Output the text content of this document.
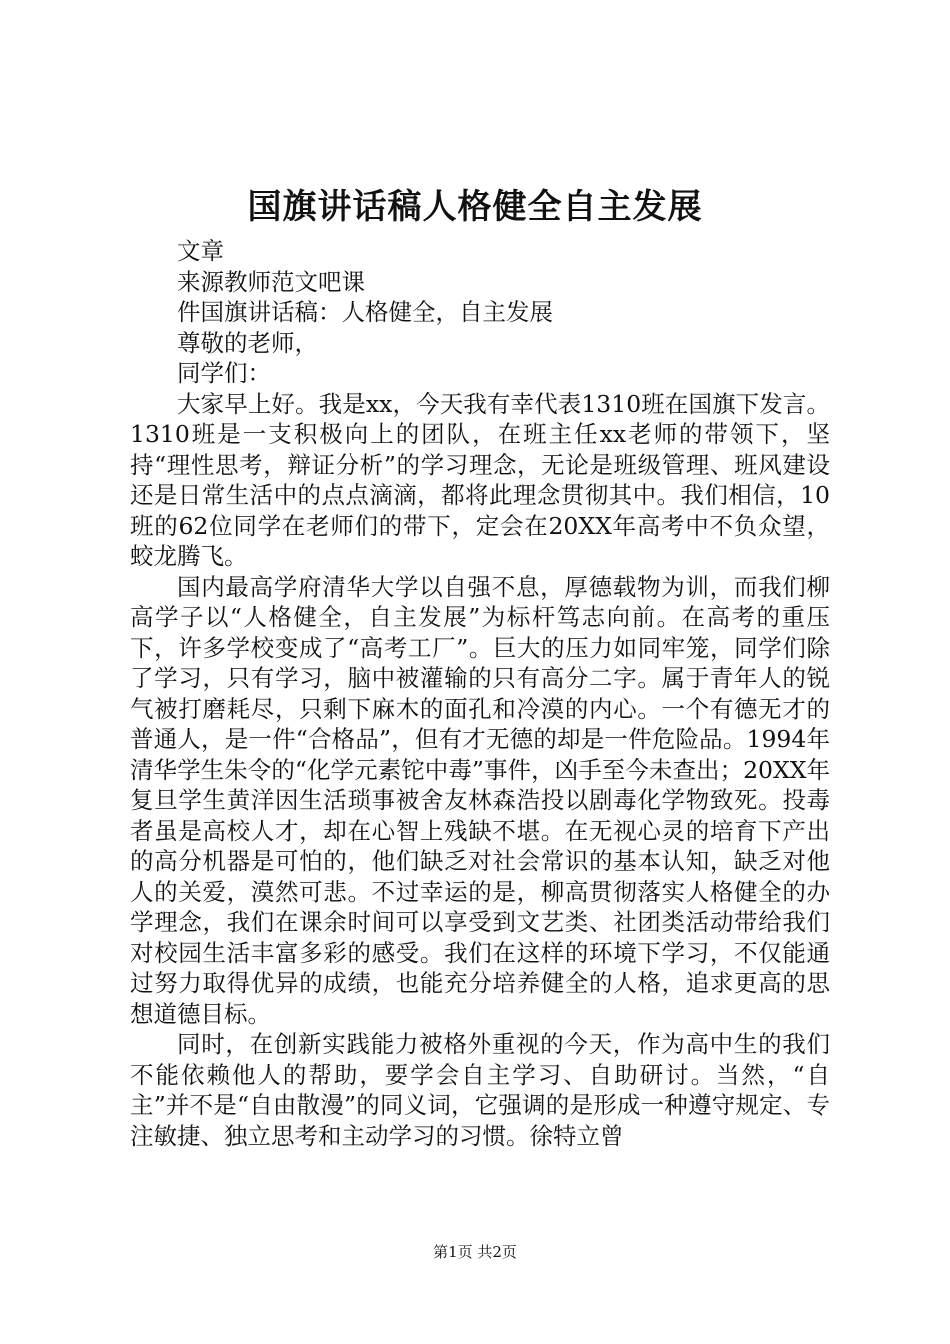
国旗讲话稿人格健全自主发展

文章

来源教师范文吧课

件国旗讲话稿：人格健全，自主发展

尊敬的老师，

同学们：

大家早上好。我是xx，今天我有幸代表1310班在国旗下发言。1310班是一支积极向上的团队，在班主任xx老师的带领下，坚持“理性思考，辩证分析”的学习理念，无论是班级管理、班风建设还是日常生活中的点点滴滴，都将此理念贯彻其中。我们相信，10班的62位同学在老师们的带下，定会在20XX年高考中不负众望，蛟龙腾飞。

国内最高学府清华大学以自强不息，厚德载物为训，而我们柳高学子以“人格健全，自主发展”为标杆笃志向前。在高考的重压下，许多学校变成了“高考工厂”。巨大的压力如同牢笼，同学们除了学习，只有学习，脑中被灌输的只有高分二字。属于青年人的锐气被打磨耗尽，只剩下麻木的面孔和冷漠的内心。一个有德无才的普通人，是一件“合格品”，但有才无德的却是一件危险品。1994年清华学生朱令的“化学元素铊中毒”事件，凶手至今未查出；20XX年复旦学生黄洋因生活琐事被舍友林森浩投以剧毒化学物致死。投毒者虽是高校人才，却在心智上残缺不堪。在无视心灵的培育下产出的高分机器是可怕的，他们缺乏对社会常识的基本认知，缺乏对他人的关爱，漠然可悲。不过幸运的是，柳高贯彻落实人格健全的办学理念，我们在课余时间可以享受到文艺类、社团类活动带给我们对校园生活丰富多彩的感受。我们在这样的环境下学习，不仅能通过努力取得优异的成绩，也能充分培养健全的人格，追求更高的思想道德目标。

同时，在创新实践能力被格外重视的今天，作为高中生的我们不能依赖他人的帮助，要学会自主学习、自助研讨。当然，“自主”并不是“自由散漫”的同义词，它强调的是形成一种遵守规定、专注敏捷、独立思考和主动学习的习惯。徐特立曾

第1页 共2页
